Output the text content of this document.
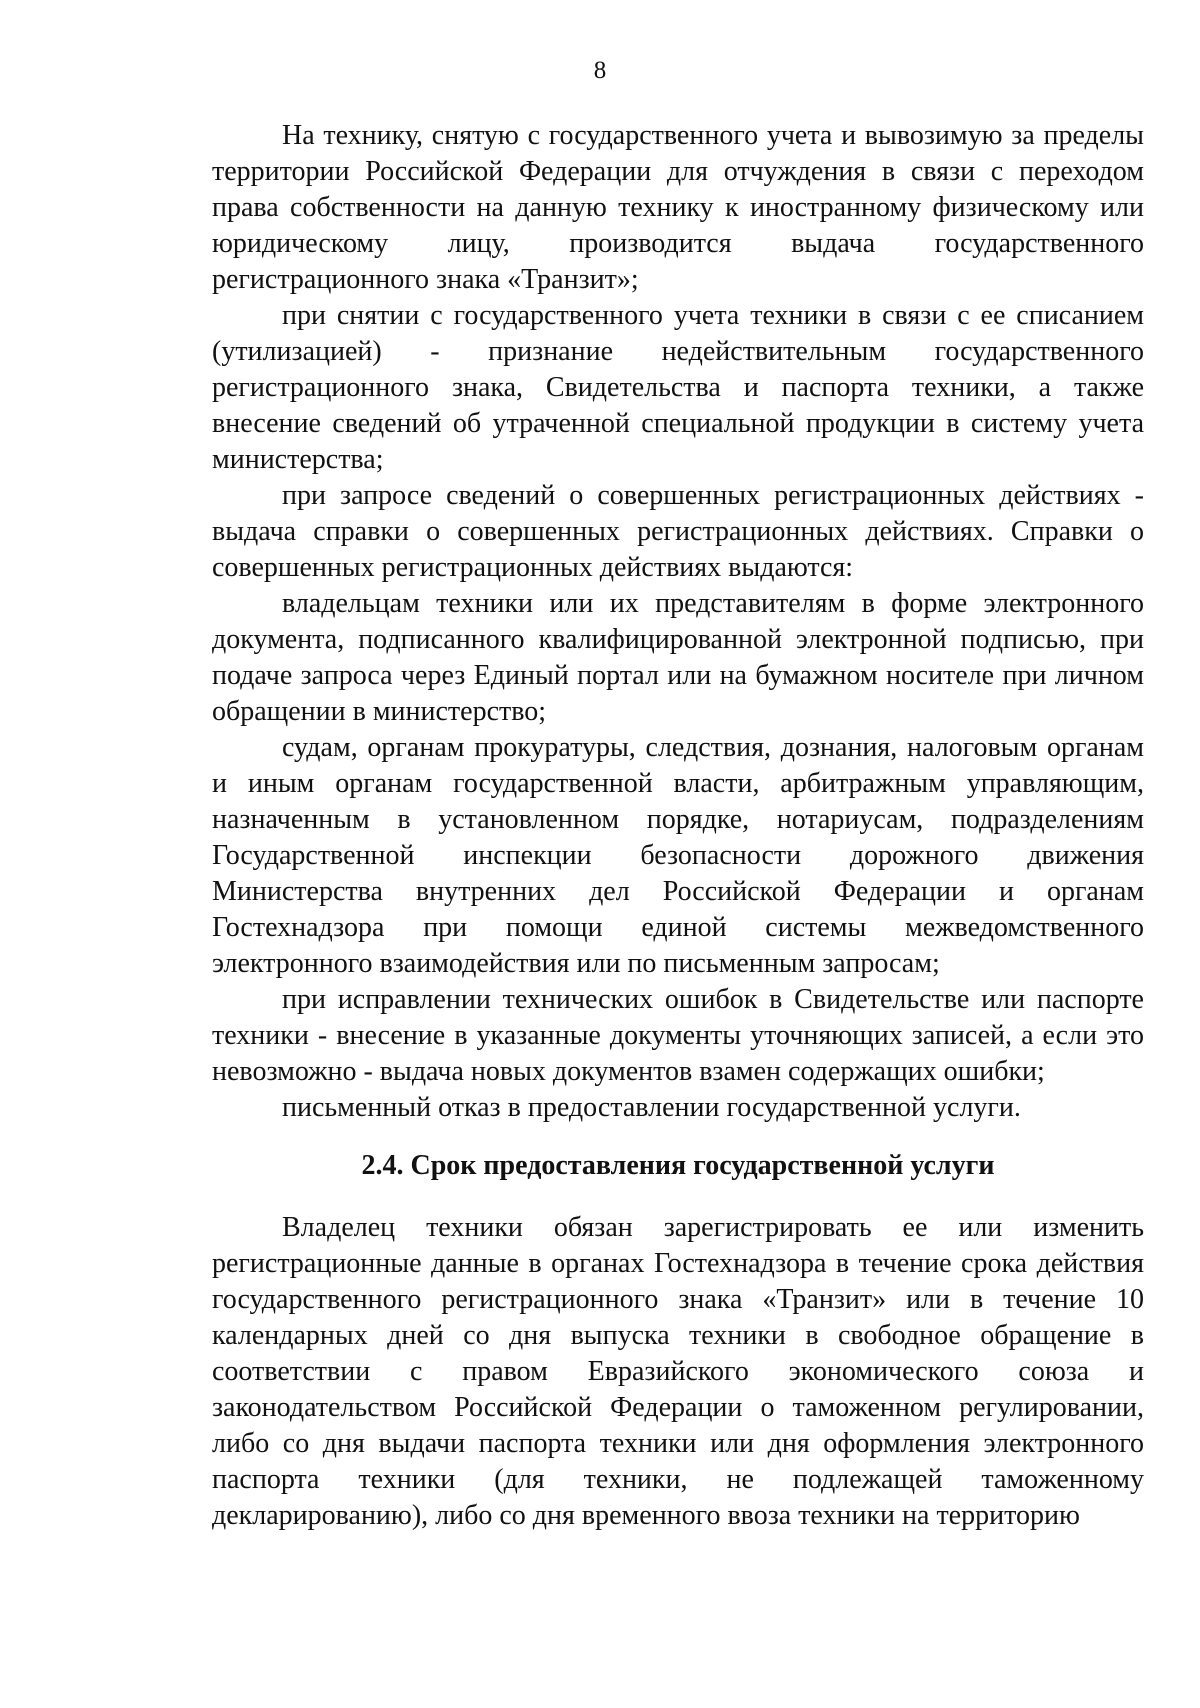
8

На технику, снятую с государственного учета и вывозимую за пределы территории Российской Федерации для отчуждения в связи с переходом права собственности на данную технику к иностранному физическому или юридическому лицу, производится выдача государственного регистрационного знака «Транзит»;

при снятии с государственного учета техники в связи с ее списанием (утилизацией) - признание недействительным государственного регистрационного знака, Свидетельства и паспорта техники, а также внесение сведений об утраченной специальной продукции в систему учета министерства;

при запросе сведений о совершенных регистрационных действиях - выдача справки о совершенных регистрационных действиях. Справки о совершенных регистрационных действиях выдаются:

владельцам техники или их представителям в форме электронного документа, подписанного квалифицированной электронной подписью, при подаче запроса через Единый портал или на бумажном носителе при личном обращении в министерство;

судам, органам прокуратуры, следствия, дознания, налоговым органам и иным органам государственной власти, арбитражным управляющим, назначенным в установленном порядке, нотариусам, подразделениям Государственной инспекции безопасности дорожного движения Министерства внутренних дел Российской Федерации и органам Гостехнадзора при помощи единой системы межведомственного электронного взаимодействия или по письменным запросам;

при исправлении технических ошибок в Свидетельстве или паспорте техники - внесение в указанные документы уточняющих записей, а если это невозможно - выдача новых документов взамен содержащих ошибки;

письменный отказ в предоставлении государственной услуги.

2.4. Срок предоставления государственной услуги

Владелец техники обязан зарегистрировать ее или изменить регистрационные данные в органах Гостехнадзора в течение срока действия государственного регистрационного знака «Транзит» или в течение 10 календарных дней со дня выпуска техники в свободное обращение в соответствии с правом Евразийского экономического союза и законодательством Российской Федерации о таможенном регулировании, либо со дня выдачи паспорта техники или дня оформления электронного паспорта техники (для техники, не подлежащей таможенному декларированию), либо со дня временного ввоза техники на территорию
